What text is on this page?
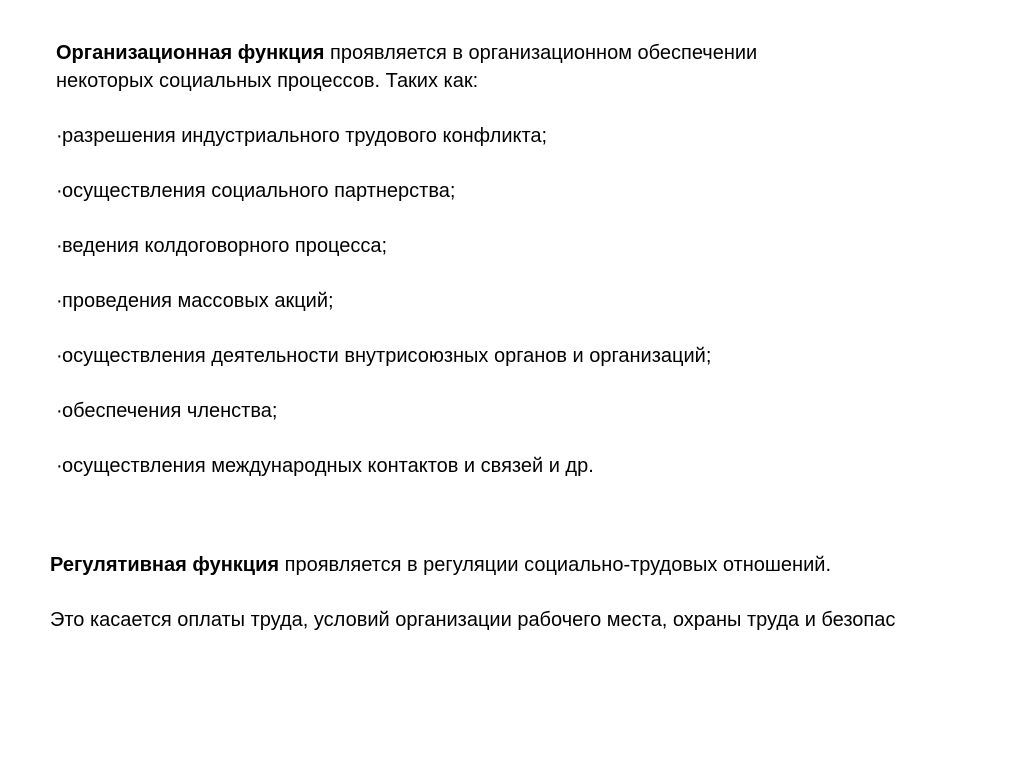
Организационная функция проявляется в организационном обеспечении
некоторых социальных процессов. Таких как:
·разрешения индустриального трудового конфликта;
·осуществления социального партнерства;
·ведения колдоговорного процесса;
·проведения массовых акций;
·осуществления деятельности внутрисоюзных органов и организаций;
·обеспечения членства;
·осуществления международных контактов и связей и др.
Регулятивная функция проявляется в регуляции социально-трудовых отношений.
Это касается оплаты труда, условий организации рабочего места, охраны труда и безопас
